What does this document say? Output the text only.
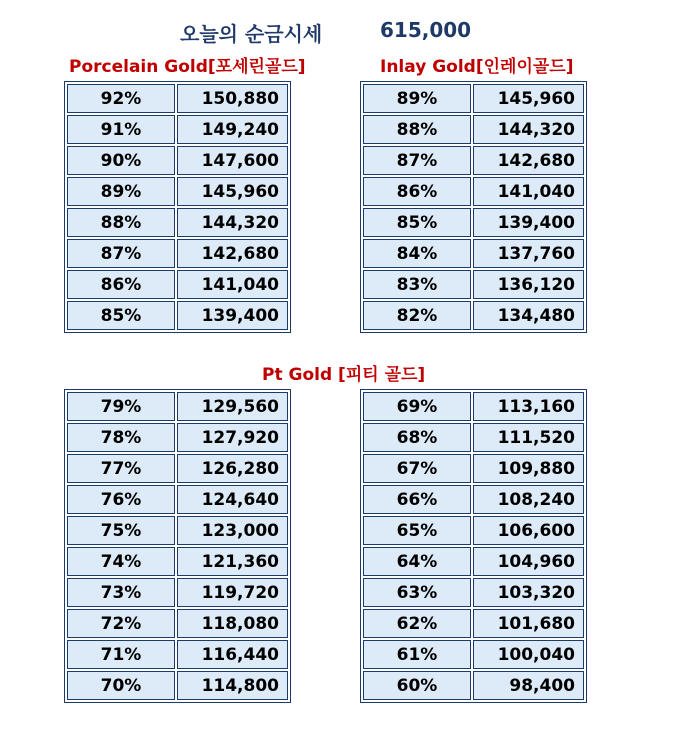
오늘의 순금시세	615,000
Porcelain Gold[포세린골드]	Inlay Gold[인레이골드]
Pt Gold [피티 골드]
92%	150,880
91%	149,240
90%	147,600
89%	145,960
88%	144,320
87%	142,680
86%	141,040
85%	139,400
89%	145,960
88%	144,320
87%	142,680
86%	141,040
85%	139,400
84%	137,760
83%	136,120
82%	134,480
79%	129,560
78%	127,920
77%	126,280
76%	124,640
75%	123,000
74%	121,360
73%	119,720
72%	118,080
71%	116,440
70%	114,800
69%	113,160
68%	111,520
67%	109,880
66%	108,240
65%	106,600
64%	104,960
63%	103,320
62%	101,680
61%	100,040
60%	98,400
